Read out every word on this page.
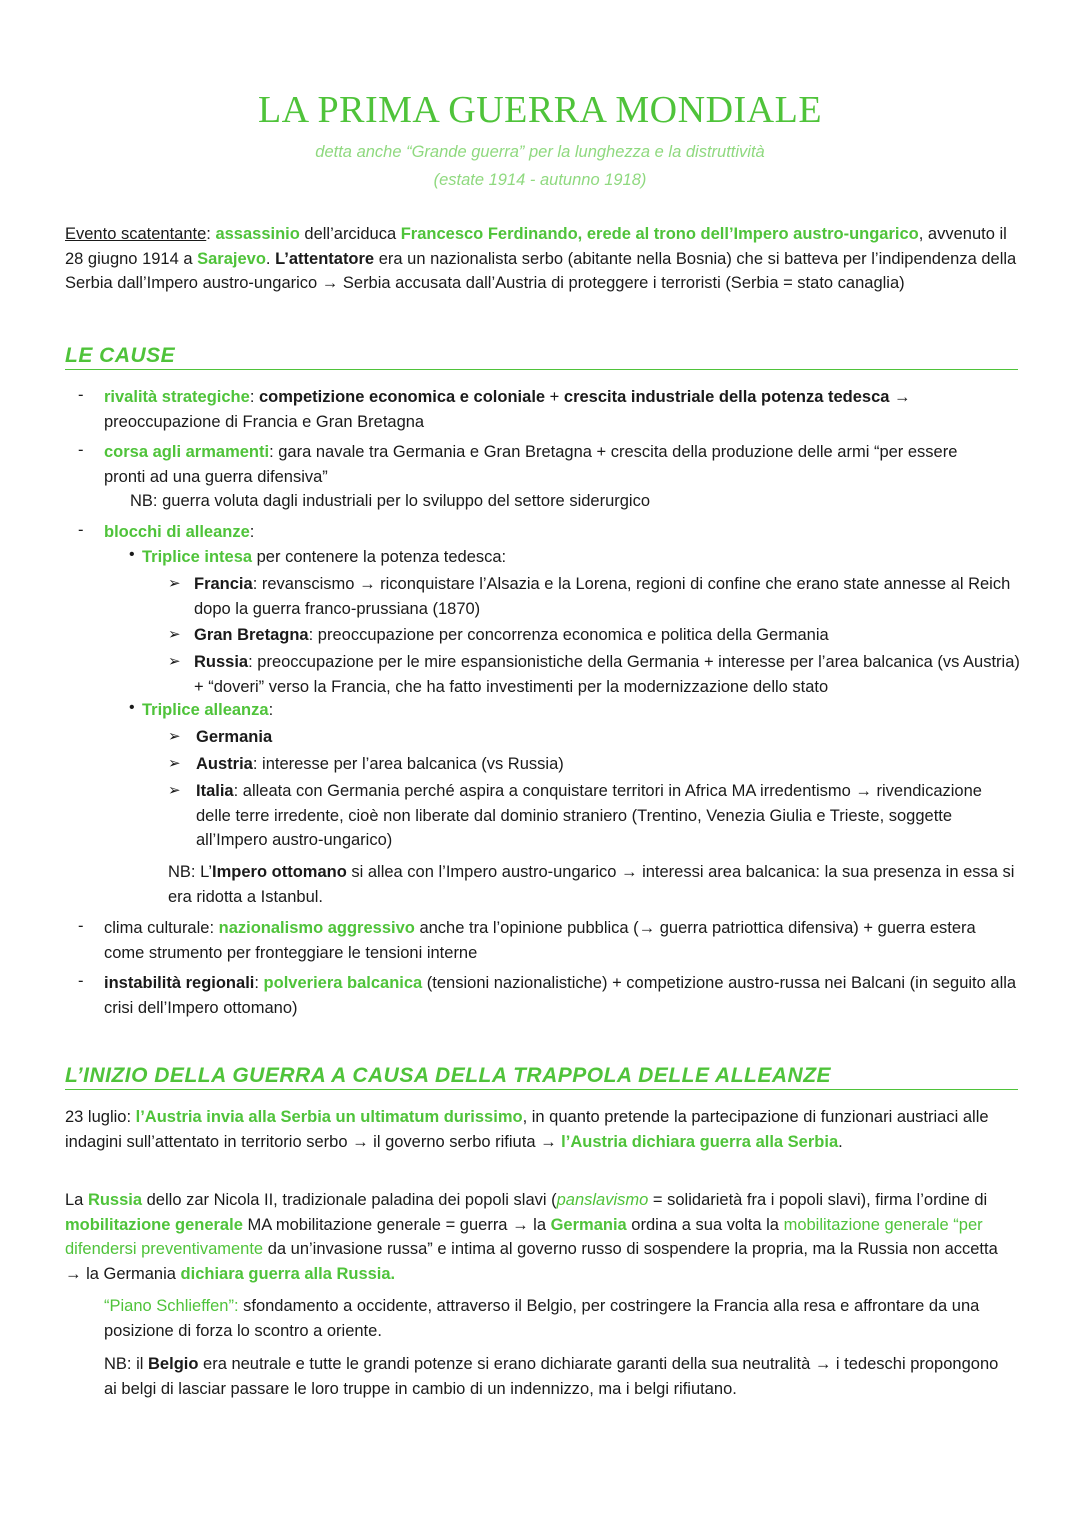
LA PRIMA GUERRA MONDIALE
detta anche “Grande guerra” per la lunghezza e la distruttività
(estate 1914 - autunno 1918)
Evento scatentante: assassinio dell’arciduca Francesco Ferdinando, erede al trono dell’Impero austro-ungarico, avvenuto il 28 giugno 1914 a Sarajevo. L’attentatore era un nazionalista serbo (abitante nella Bosnia) che si batteva per l’indipendenza della Serbia dall’Impero austro-ungarico → Serbia accusata dall’Austria di proteggere i terroristi (Serbia = stato canaglia)
LE CAUSE
- rivalità strategiche: competizione economica e coloniale + crescita industriale della potenza tedesca → preoccupazione di Francia e Gran Bretagna
- corsa agli armamenti: gara navale tra Germania e Gran Bretagna + crescita della produzione delle armi “per essere pronti ad una guerra difensiva”
NB: guerra voluta dagli industriali per lo sviluppo del settore siderurgico
- blocchi di alleanze:
• Triplice intesa per contenere la potenza tedesca:
➢ Francia: revanscismo → riconquistare l’Alsazia e la Lorena, regioni di confine che erano state annesse al Reich dopo la guerra franco-prussiana (1870)
➢ Gran Bretagna: preoccupazione per concorrenza economica e politica della Germania
➢ Russia: preoccupazione per le mire espansionistiche della Germania + interesse per l’area balcanica (vs Austria) + “doveri” verso la Francia, che ha fatto investimenti per la modernizzazione dello stato
• Triplice alleanza:
➢ Germania
➢ Austria: interesse per l’area balcanica (vs Russia)
➢ Italia: alleata con Germania perché aspira a conquistare territori in Africa MA irredentismo → rivendicazione delle terre irredente, cioè non liberate dal dominio straniero (Trentino, Venezia Giulia e Trieste, soggette all’Impero austro-ungarico)
NB: L’Impero ottomano si allea con l’Impero austro-ungarico → interessi area balcanica: la sua presenza in essa si era ridotta a Istanbul.
- clima culturale: nazionalismo aggressivo anche tra l’opinione pubblica (→ guerra patriottica difensiva) + guerra estera come strumento per fronteggiare le tensioni interne
- instabilità regionali: polveriera balcanica (tensioni nazionalistiche) + competizione austro-russa nei Balcani (in seguito alla crisi dell’Impero ottomano)
L’INIZIO DELLA GUERRA A CAUSA DELLA TRAPPOLA DELLE ALLEANZE
23 luglio: l’Austria invia alla Serbia un ultimatum durissimo, in quanto pretende la partecipazione di funzionari austriaci alle indagini sull’attentato in territorio serbo → il governo serbo rifiuta → l’Austria dichiara guerra alla Serbia.
La Russia dello zar Nicola II, tradizionale paladina dei popoli slavi (panslavismo = solidarietà fra i popoli slavi), firma l’ordine di mobilitazione generale MA mobilitazione generale = guerra → la Germania ordina a sua volta la mobilitazione generale “per difendersi preventivamente da un’invasione russa” e intima al governo russo di sospendere la propria, ma la Russia non accetta → la Germania dichiara guerra alla Russia.
“Piano Schlieffen”: sfondamento a occidente, attraverso il Belgio, per costringere la Francia alla resa e affrontare da una posizione di forza lo scontro a oriente.
NB: il Belgio era neutrale e tutte le grandi potenze si erano dichiarate garanti della sua neutralità → i tedeschi propongono ai belgi di lasciar passare le loro truppe in cambio di un indennizzo, ma i belgi rifiutano.
